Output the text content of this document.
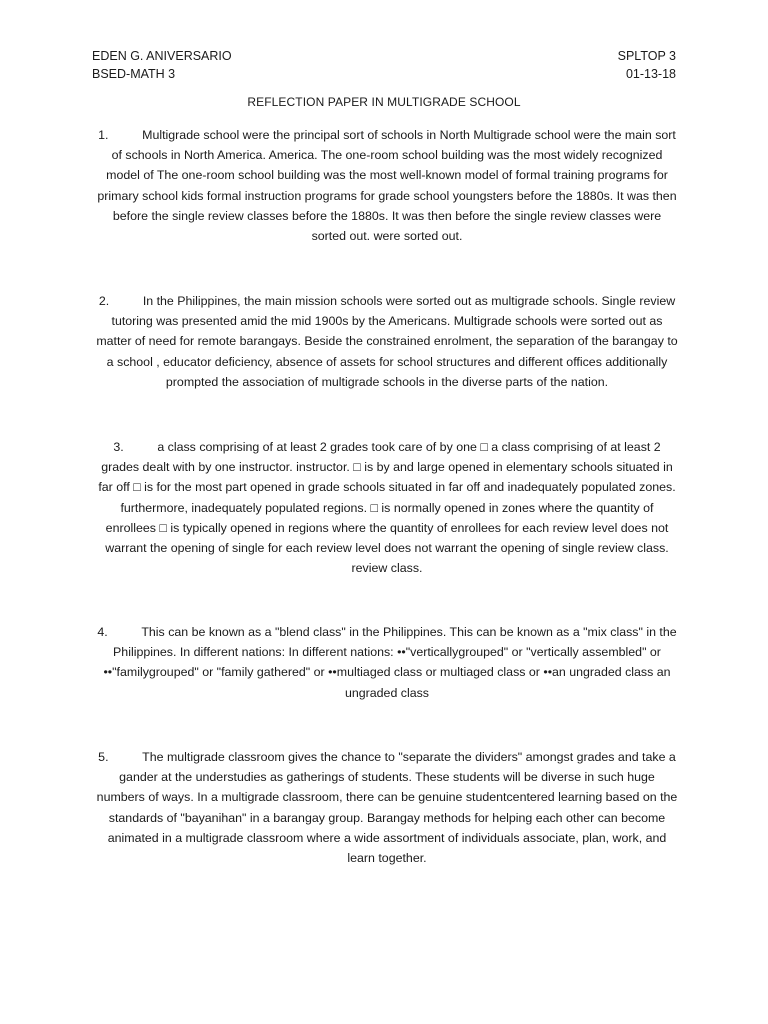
EDEN G. ANIVERSARIO
BSED-MATH 3
SPLTOP 3
01-13-18
REFLECTION PAPER IN MULTIGRADE SCHOOL
1.	Multigrade school were the principal sort of schools in North Multigrade school were the main sort of schools in North America. America. The one-room school building was the most widely recognized model of The one-room school building was the most well-known model of formal training programs for primary school kids formal instruction programs for grade school youngsters before the 1880s. It was then before the single review classes before the 1880s. It was then before the single review classes were sorted out. were sorted out.
2.	In the Philippines, the main mission schools were sorted out as multigrade schools. Single review tutoring was presented amid the mid 1900s by the Americans. Multigrade schools were sorted out as matter of need for remote barangays. Beside the constrained enrolment, the separation of the barangay to a school , educator deficiency, absence of assets for school structures and different offices additionally prompted the association of multigrade schools in the diverse parts of the nation.
3.	a class comprising of at least 2 grades took care of by one □ a class comprising of at least 2 grades dealt with by one instructor. instructor. □ is by and large opened in elementary schools situated in far off □ is for the most part opened in grade schools situated in far off and inadequately populated zones. furthermore, inadequately populated regions. □ is normally opened in zones where the quantity of enrollees □ is typically opened in regions where the quantity of enrollees for each review level does not warrant the opening of single for each review level does not warrant the opening of single review class. review class.
4.	This can be known as a "blend class" in the Philippines. This can be known as a "mix class" in the Philippines. In different nations: In different nations: ••"verticallygrouped" or "vertically assembled" or ••"familygrouped" or "family gathered" or ••multiaged class or multiaged class or ••an ungraded class an ungraded class
5.	The multigrade classroom gives the chance to "separate the dividers" amongst grades and take a gander at the understudies as gatherings of students. These students will be diverse in such huge numbers of ways. In a multigrade classroom, there can be genuine studentcentered learning based on the standards of "bayanihan" in a barangay group. Barangay methods for helping each other can become animated in a multigrade classroom where a wide assortment of individuals associate, plan, work, and learn together.
